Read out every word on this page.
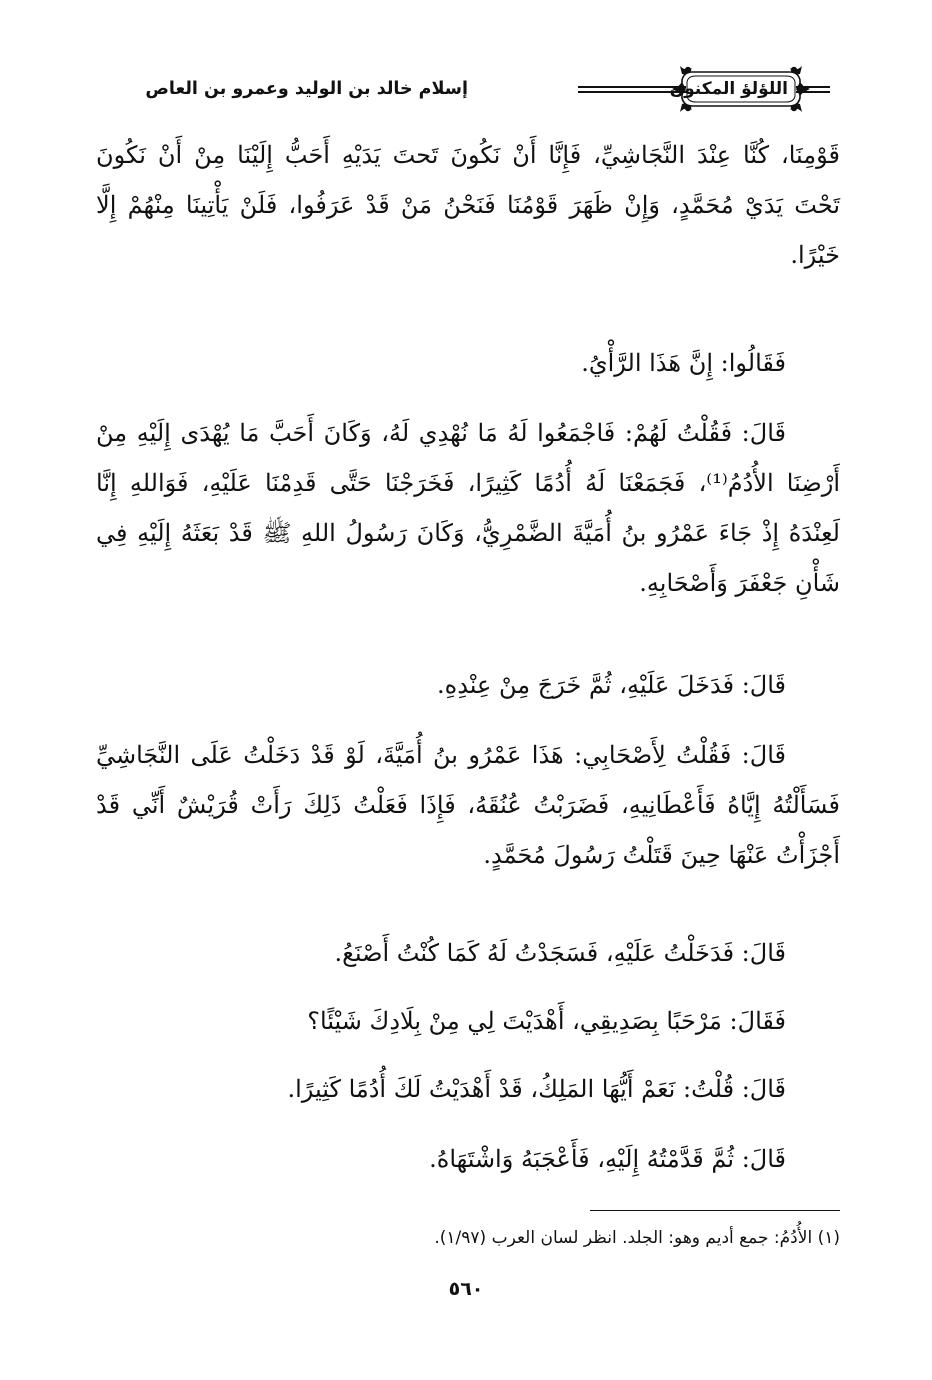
اللؤلؤ المكنون
إسلام خالد بن الوليد وعمرو بن العاص
قَوْمِنَا، كُنَّا عِنْدَ النَّجَاشِيِّ، فَإِنَّا أَنْ نَكُونَ تَحتَ يَدَيْهِ أَحَبُّ إِلَيْنَا مِنْ أَنْ نَكُونَ
تَحْتَ يَدَيْ مُحَمَّدٍ، وَإِنْ ظَهَرَ قَوْمُنَا فَنَحْنُ مَنْ قَدْ عَرَفُوا، فَلَنْ يَأْتِينَا مِنْهُمْ إِلَّا
خَيْرًا.
فَقَالُوا: إِنَّ هَذَا الرَّأْيُ.
قَالَ: فَقُلْتُ لَهُمْ: فَاجْمَعُوا لَهُ مَا نُهْدِي لَهُ، وَكَانَ أَحَبَّ مَا يُهْدَى إِلَيْهِ مِنْ
أَرْضِنَا الأُدُمُ⁽¹⁾، فَجَمَعْنَا لَهُ أُدُمًا كَثِيرًا، فَخَرَجْنَا حَتَّى قَدِمْنَا عَلَيْهِ، فَوَاللهِ إِنَّا
لَعِنْدَهُ إِذْ جَاءَ عَمْرُو بنُ أُمَيَّةَ الضَّمْرِيُّ، وَكَانَ رَسُولُ اللهِ ﷺ قَدْ بَعَثَهُ إِلَيْهِ فِي
شَأْنِ جَعْفَرَ وَأَصْحَابِهِ.
قَالَ: فَدَخَلَ عَلَيْهِ، ثُمَّ خَرَجَ مِنْ عِنْدِهِ.
قَالَ: فَقُلْتُ لِأَصْحَابِي: هَذَا عَمْرُو بنُ أُمَيَّةَ، لَوْ قَدْ دَخَلْتُ عَلَى النَّجَاشِيِّ
فَسَأَلْتُهُ إِيَّاهُ فَأَعْطَانِيهِ، فَضَرَبْتُ عُنُقَهُ، فَإِذَا فَعَلْتُ ذَلِكَ رَأَتْ قُرَيْشٌ أَنِّي قَدْ
أَجْزَأْتُ عَنْهَا حِينَ قَتَلْتُ رَسُولَ مُحَمَّدٍ.
قَالَ: فَدَخَلْتُ عَلَيْهِ، فَسَجَدْتُ لَهُ كَمَا كُنْتُ أَصْنَعُ.
فَقَالَ: مَرْحَبًا بِصَدِيقِي، أَهْدَيْتَ لِي مِنْ بِلَادِكَ شَيْئًا؟
قَالَ: قُلْتُ: نَعَمْ أَيُّهَا المَلِكُ، قَدْ أَهْدَيْتُ لَكَ أُدُمًا كَثِيرًا.
قَالَ: ثُمَّ قَدَّمْتُهُ إِلَيْهِ، فَأَعْجَبَهُ وَاشْتَهَاهُ.
(١) الأُدُمُ: جمع أديم وهو: الجلد. انظر لسان العرب (١/٩٧).
٥٦٠
